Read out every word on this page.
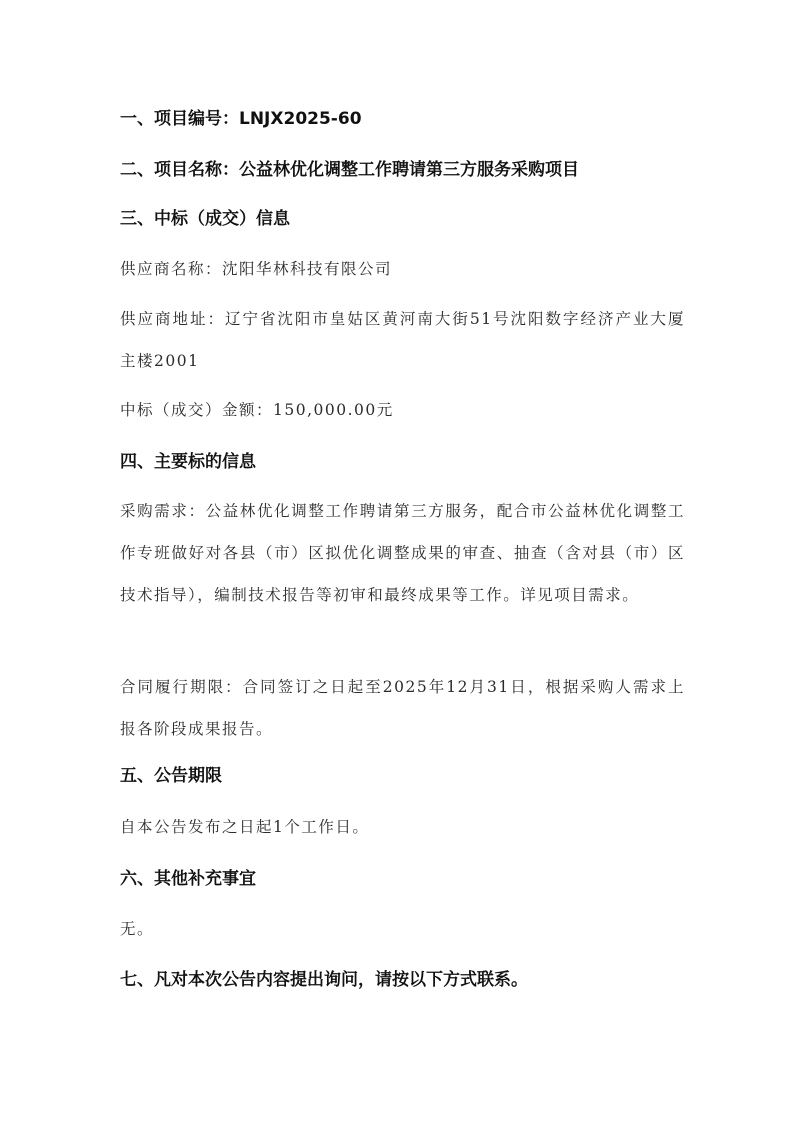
一、项目编号：LNJX2025-60
二、项目名称：公益林优化调整工作聘请第三方服务采购项目
三、中标（成交）信息
供应商名称：沈阳华林科技有限公司
供应商地址：辽宁省沈阳市皇姑区黄河南大街51号沈阳数字经济产业大厦主楼2001
中标（成交）金额：150,000.00元
四、主要标的信息
采购需求：公益林优化调整工作聘请第三方服务，配合市公益林优化调整工作专班做好对各县（市）区拟优化调整成果的审查、抽查（含对县（市）区技术指导），编制技术报告等初审和最终成果等工作。详见项目需求。
合同履行期限：合同签订之日起至2025年12月31日，根据采购人需求上报各阶段成果报告。
五、公告期限
自本公告发布之日起1个工作日。
六、其他补充事宜
无。
七、凡对本次公告内容提出询问，请按以下方式联系。
